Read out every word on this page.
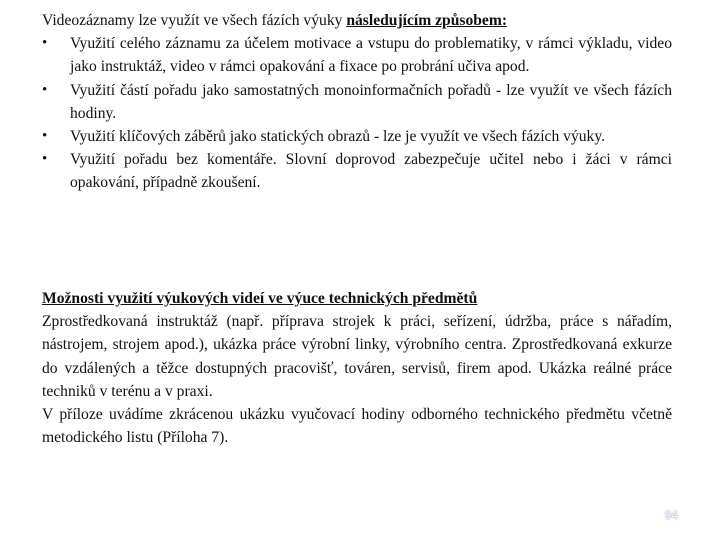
Videozáznamy lze využít ve všech fázích výuky následujícím způsobem:
•	Využití celého záznamu za účelem motivace a vstupu do problematiky, v rámci výkladu, video jako instruktáž, video v rámci opakování a fixace po probrání učiva apod.
•	Využití částí pořadu jako samostatných monoinformačních pořadů - lze využít ve všech fázích hodiny.
•	Využití klíčových záběrů jako statických obrazů - lze je využít ve všech fázích výuky.
•	Využití pořadu bez komentáře. Slovní doprovod zabezpečuje učitel nebo i žáci v rámci opakování, případně zkoušení.
Možnosti využití výukových videí ve výuce technických předmětů
Zprostředkovaná instruktáž (např. příprava strojek k práci, seřízení, údržba, práce s nářadím, nástrojem, strojem apod.), ukázka práce výrobní linky, výrobního centra. Zprostředkovaná exkurze do vzdálených a těžce dostupných pracovišť, továren, servisů, firem apod. Ukázka reálné práce techniků v terénu a v praxi.
V příloze uvádíme zkrácenou ukázku vyučovací hodiny odborného technického předmětu včetně metodického listu (Příloha 7).
94
